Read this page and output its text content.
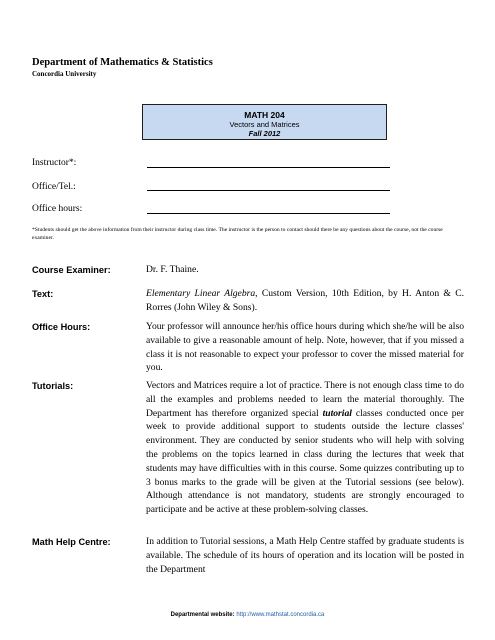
Department of Mathematics & Statistics
Concordia University
MATH 204
Vectors and Matrices
Fall 2012
Instructor*:
Office/Tel.:
Office hours:
*Students should get the above information from their instructor during class time. The instructor is the person to contact should there be any questions about the course, not the course examiner.
Course Examiner:	Dr. F. Thaine.
Text:	Elementary Linear Algebra, Custom Version, 10th Edition, by H. Anton & C. Rorres (John Wiley & Sons).
Office Hours:	Your professor will announce her/his office hours during which she/he will be also available to give a reasonable amount of help. Note, however, that if you missed a class it is not reasonable to expect your professor to cover the missed material for you.
Tutorials:	Vectors and Matrices require a lot of practice. There is not enough class time to do all the examples and problems needed to learn the material thoroughly. The Department has therefore organized special tutorial classes conducted once per week to provide additional support to students outside the lecture classes' environment. They are conducted by senior students who will help with solving the problems on the topics learned in class during the lectures that week that students may have difficulties with in this course. Some quizzes contributing up to 3 bonus marks to the grade will be given at the Tutorial sessions (see below). Although attendance is not mandatory, students are strongly encouraged to participate and be active at these problem-solving classes.
Math Help Centre:	In addition to Tutorial sessions, a Math Help Centre staffed by graduate students is available. The schedule of its hours of operation and its location will be posted in the Department
Departmental website: http://www.mathstat.concordia.ca
